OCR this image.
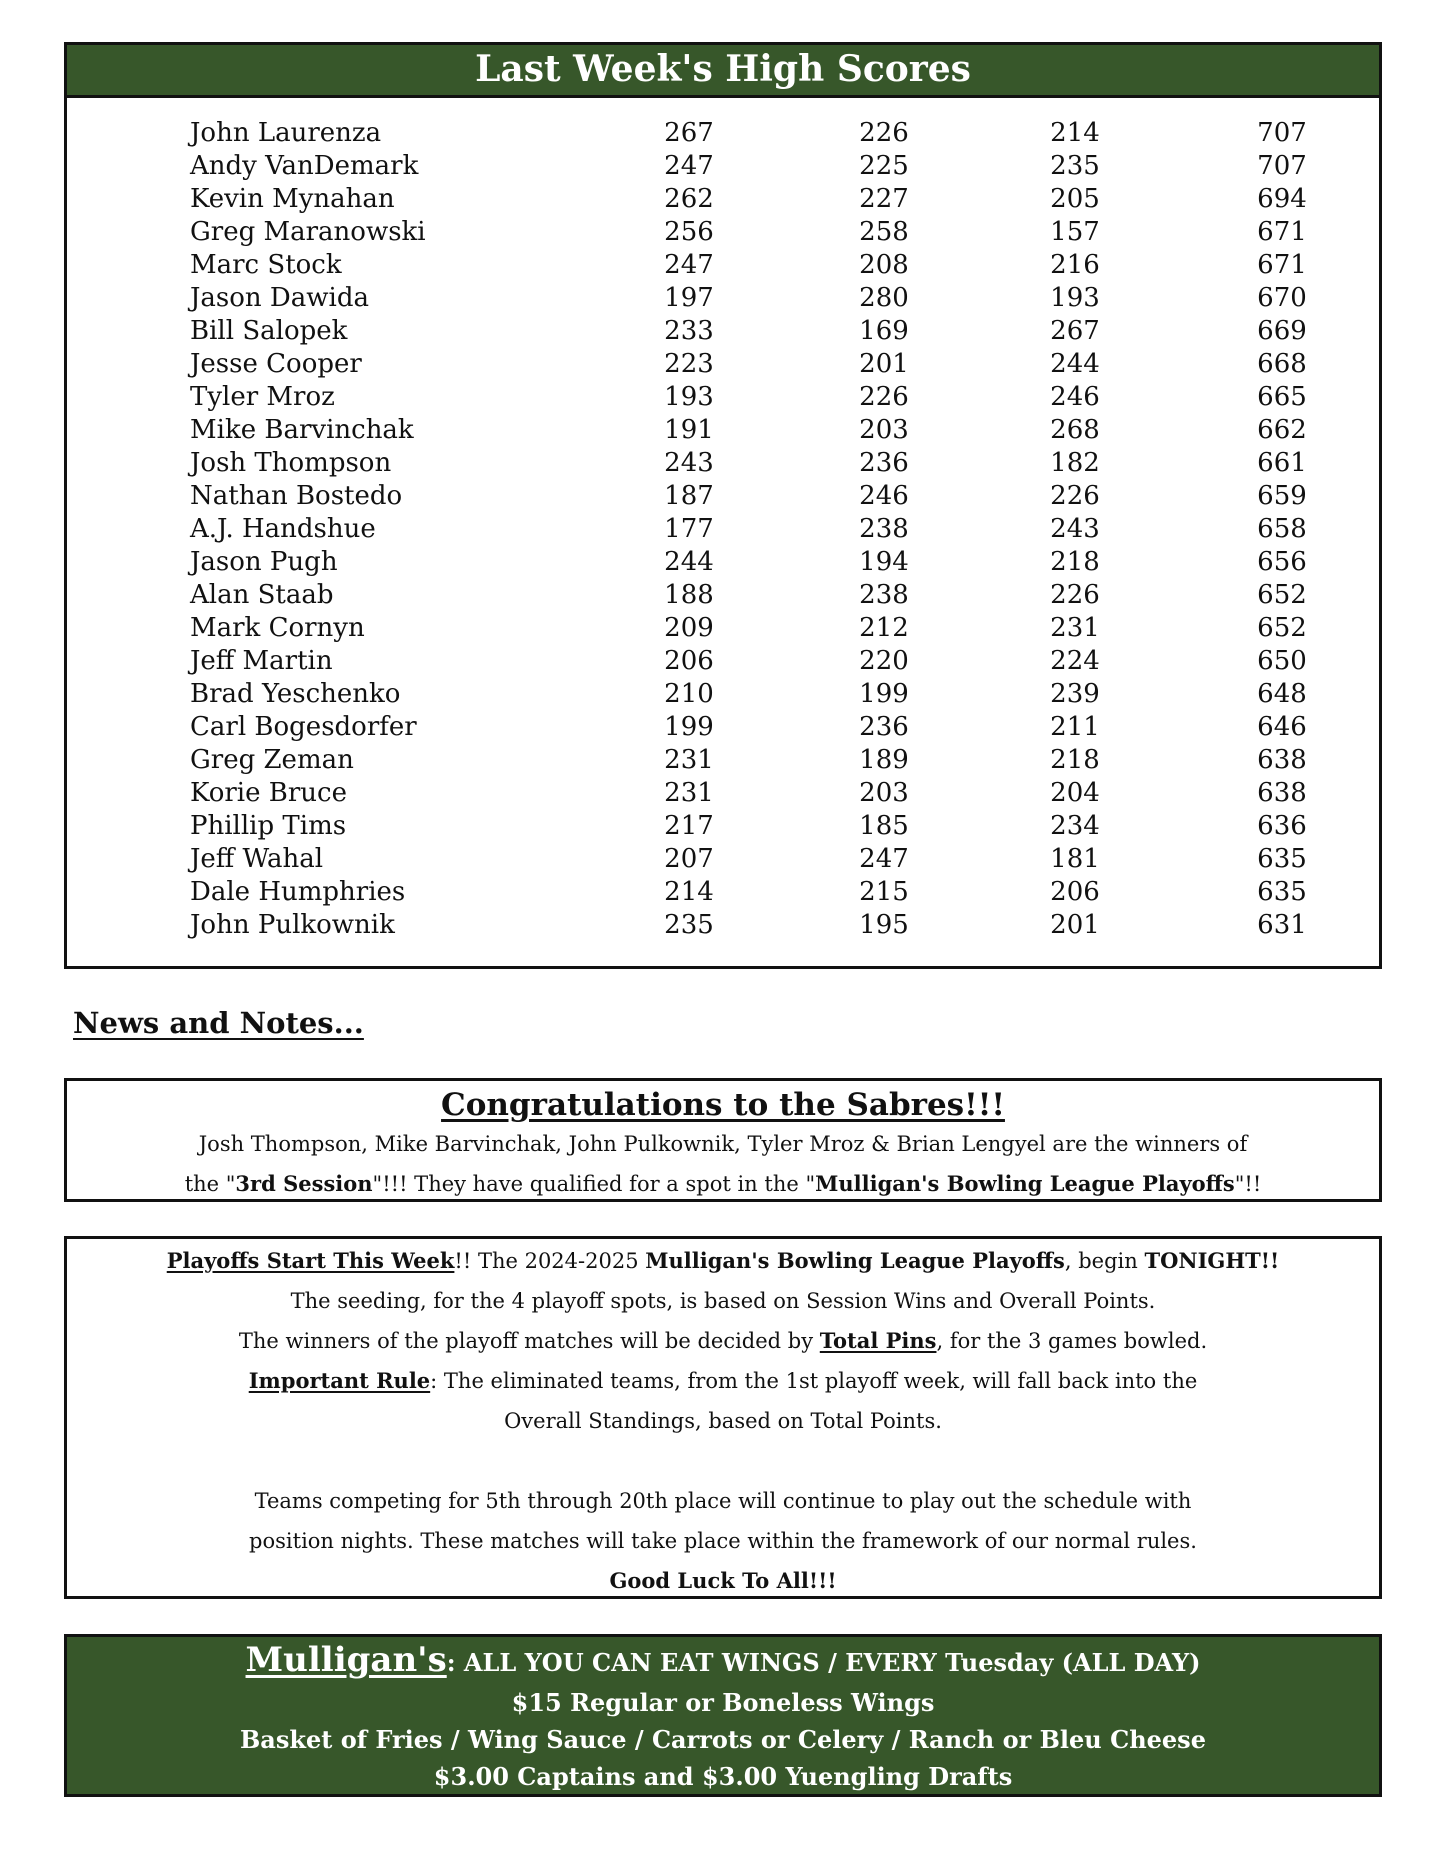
Last Week's High Scores
John Laurenza	267	226	214	707
Andy VanDemark	247	225	235	707
Kevin Mynahan	262	227	205	694
Greg Maranowski	256	258	157	671
Marc Stock	247	208	216	671
Jason Dawida	197	280	193	670
Bill Salopek	233	169	267	669
Jesse Cooper	223	201	244	668
Tyler Mroz	193	226	246	665
Mike Barvinchak	191	203	268	662
Josh Thompson	243	236	182	661
Nathan Bostedo	187	246	226	659
A.J. Handshue	177	238	243	658
Jason Pugh	244	194	218	656
Alan Staab	188	238	226	652
Mark Cornyn	209	212	231	652
Jeff Martin	206	220	224	650
Brad Yeschenko	210	199	239	648
Carl Bogesdorfer	199	236	211	646
Greg Zeman	231	189	218	638
Korie Bruce	231	203	204	638
Phillip Tims	217	185	234	636
Jeff Wahal	207	247	181	635
Dale Humphries	214	215	206	635
John Pulkownik	235	195	201	631
News and Notes...
Congratulations to the Sabres!!!
Josh Thompson, Mike Barvinchak, John Pulkownik, Tyler Mroz & Brian Lengyel are the winners of
the "3rd Session"!!! They have qualified for a spot in the "Mulligan's Bowling League Playoffs"!!
Playoffs Start This Week!! The 2024-2025 Mulligan's Bowling League Playoffs, begin TONIGHT!!
The seeding, for the 4 playoff spots, is based on Session Wins and Overall Points.
The winners of the playoff matches will be decided by Total Pins, for the 3 games bowled.
Important Rule: The eliminated teams, from the 1st playoff week, will fall back into the
Overall Standings, based on Total Points.
Teams competing for 5th through 20th place will continue to play out the schedule with
position nights. These matches will take place within the framework of our normal rules.
Good Luck To All!!!
Mulligan's: ALL YOU CAN EAT WINGS / EVERY Tuesday (ALL DAY)
$15 Regular or Boneless Wings
Basket of Fries / Wing Sauce / Carrots or Celery / Ranch or Bleu Cheese
$3.00 Captains and $3.00 Yuengling Drafts
